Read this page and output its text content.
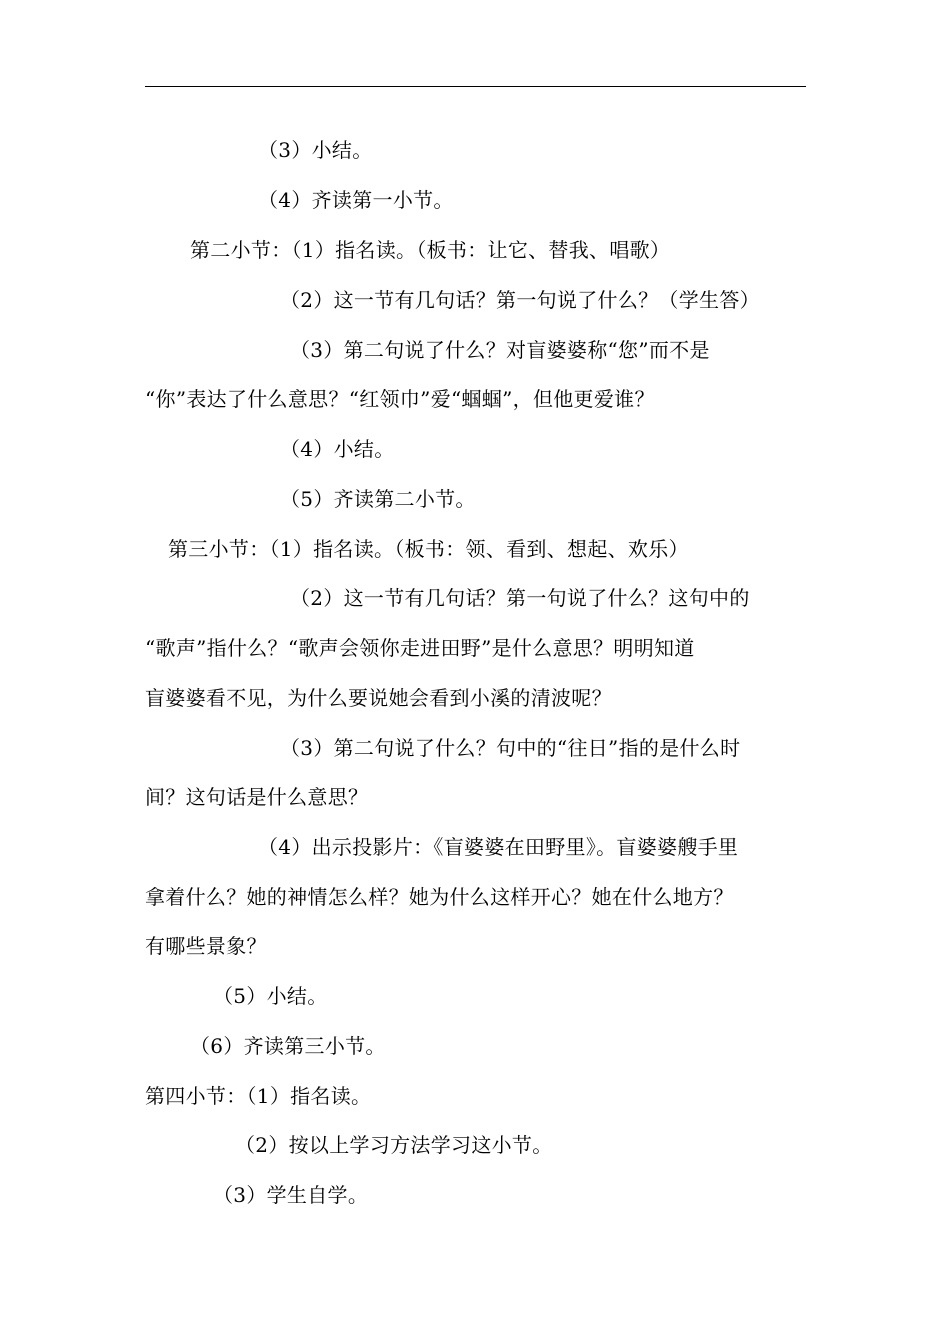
（3）小结。
（4）齐读第一小节。
第二小节：（1）指名读。（板书：让它、替我、唱歌）
（2）这一节有几句话？第一句说了什么？（学生答）
（3）第二句说了什么？对盲婆婆称“您”而不是
“你”表达了什么意思？“红领巾”爱“蝈蝈”，但他更爱谁？
（4）小结。
（5）齐读第二小节。
第三小节：（1）指名读。（板书：领、看到、想起、欢乐）
（2）这一节有几句话？第一句说了什么？这句中的
“歌声”指什么？“歌声会领你走进田野”是什么意思？明明知道
盲婆婆看不见，为什么要说她会看到小溪的清波呢？
（3）第二句说了什么？句中的“往日”指的是什么时
间？这句话是什么意思？
（4）出示投影片：《盲婆婆在田野里》。盲婆婆艘手里
拿着什么？她的神情怎么样？她为什么这样开心？她在什么地方？
有哪些景象？
（5）小结。
（6）齐读第三小节。
第四小节：（1）指名读。
（2）按以上学习方法学习这小节。
（3）学生自学。
